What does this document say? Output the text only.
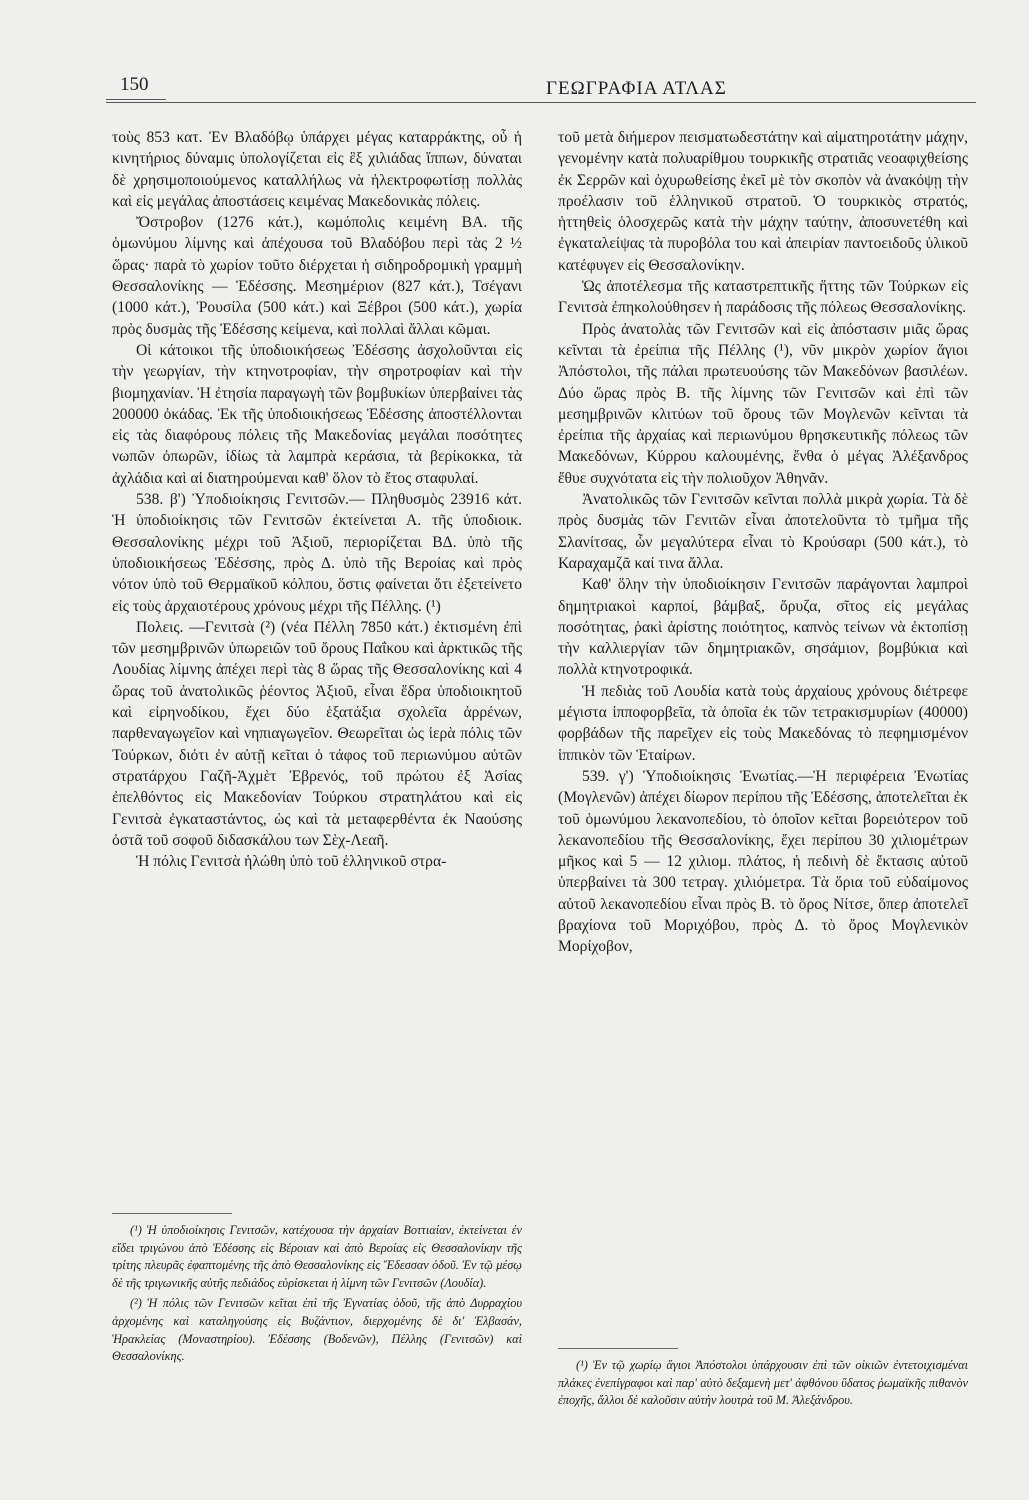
150	ΓΕΩΓΡΑΦΙΑ ΑΤΛΑΣ

τοὺς 853 κατ. Ἐν Βλαδόβῳ ὑπάρχει μέγας καταρράκτης, οὗ ἡ κινητήριος δύναμις ὑπολογίζεται εἰς ἓξ χιλιάδας ἵππων, δύναται δὲ χρησιμοποιούμενος καταλλήλως νὰ ἠλεκτροφωτίσῃ πολλὰς καὶ εἰς μεγάλας ἀποστάσεις κειμένας Μακεδονικὰς πόλεις.

Ὄστροβον (1276 κάτ.), κωμόπολις κειμένη ΒΑ. τῆς ὁμωνύμου λίμνης καὶ ἀπέχουσα τοῦ Βλαδόβου περὶ τὰς 2 ½ ὥρας· παρὰ τὸ χωρίον τοῦτο διέρχεται ἡ σιδηροδρομικὴ γραμμὴ Θεσσαλονίκης — Ἐδέσσης. Μεσημέριον (827 κάτ.), Τσέγανι (1000 κάτ.), Ῥουσίλα (500 κάτ.) καὶ Ξέβροι (500 κάτ.), χωρία πρὸς δυσμὰς τῆς Ἐδέσσης κείμενα, καὶ πολλαὶ ἄλλαι κῶμαι.

Οἱ κάτοικοι τῆς ὑποδιοικήσεως Ἐδέσσης ἀσχολοῦνται εἰς τὴν γεωργίαν, τὴν κτηνοτροφίαν, τὴν σηροτροφίαν καὶ τὴν βιομηχανίαν. Ἡ ἐτησία παραγωγὴ τῶν βομβυκίων ὑπερβαίνει τὰς 200000 ὀκάδας. Ἐκ τῆς ὑποδιοικήσεως Ἐδέσσης ἀποστέλλονται εἰς τὰς διαφόρους πόλεις τῆς Μακεδονίας μεγάλαι ποσότητες νωπῶν ὀπωρῶν, ἰδίως τὰ λαμπρὰ κεράσια, τὰ βερίκοκκα, τὰ ἀχλάδια καὶ αἱ διατηρούμεναι καθ' ὅλον τὸ ἔτος σταφυλαί.

538. β') Ὑποδιοίκησις Γενιτσῶν.— Πληθυσμὸς 23916 κάτ. Ἡ ὑποδιοίκησις τῶν Γενιτσῶν ἐκτείνεται Α. τῆς ὑποδιοικ. Θεσσαλονίκης μέχρι τοῦ Ἀξιοῦ, περιορίζεται ΒΔ. ὑπὸ τῆς ὑποδιοικήσεως Ἐδέσσης, πρὸς Δ. ὑπὸ τῆς Βεροίας καὶ πρὸς νότον ὑπὸ τοῦ Θερμαϊκοῦ κόλπου, ὅστις φαίνεται ὅτι ἐξετείνετο εἰς τοὺς ἀρχαιοτέρους χρόνους μέχρι τῆς Πέλλης. (¹)

Πολεις. —Γενιτσὰ (²) (νέα Πέλλη 7850 κάτ.) ἐκτισμένη ἐπὶ τῶν μεσημβρινῶν ὑπωρειῶν τοῦ ὄρους Παΐκου καὶ ἀρκτικῶς τῆς Λουδίας λίμνης ἀπέχει περὶ τὰς 8 ὥρας τῆς Θεσσαλονίκης καὶ 4 ὥρας τοῦ ἀνατολικῶς ῥέοντος Ἀξιοῦ, εἶναι ἕδρα ὑποδιοικητοῦ καὶ εἰρηνοδίκου, ἔχει δύο ἑξατάξια σχολεῖα ἀρρένων, παρθεναγωγεῖον καὶ νηπιαγωγεῖον. Θεωρεῖται ὡς ἱερὰ πόλις τῶν Τούρκων, διότι ἐν αὐτῇ κεῖται ὁ τάφος τοῦ περιωνύμου αὐτῶν στρατάρχου Γαζῆ-Ἀχμὲτ Ἐβρενός, τοῦ πρώτου ἐξ Ἀσίας ἐπελθόντος εἰς Μακεδονίαν Τούρκου στρατηλάτου καὶ εἰς Γενιτσὰ ἐγκαταστάντος, ὡς καὶ τὰ μεταφερθέντα ἐκ Ναούσης ὀστᾶ τοῦ σοφοῦ διδασκάλου των Σὲχ-Λεαῆ.

Ἡ πόλις Γενιτσὰ ἡλώθη ὑπὸ τοῦ ἑλληνικοῦ στρα-

τοῦ μετὰ διήμερον πεισματωδεστάτην καὶ αἱματηροτάτην μάχην, γενομένην κατὰ πολυαρίθμου τουρκικῆς στρατιᾶς νεοαφιχθείσης ἐκ Σερρῶν καὶ ὀχυρωθείσης ἐκεῖ μὲ τὸν σκοπὸν νὰ ἀνακόψῃ τὴν προέλασιν τοῦ ἑλληνικοῦ στρατοῦ. Ὁ τουρκικὸς στρατός, ἡττηθεὶς ὁλοσχερῶς κατὰ τὴν μάχην ταύτην, ἀποσυνετέθη καὶ ἐγκαταλείψας τὰ πυροβόλα του καὶ ἀπειρίαν παντοειδοῦς ὑλικοῦ κατέφυγεν εἰς Θεσσαλονίκην.

Ὡς ἀποτέλεσμα τῆς καταστρεπτικῆς ἥττης τῶν Τούρκων εἰς Γενιτσὰ ἐπηκολούθησεν ἡ παράδοσις τῆς πόλεως Θεσσαλονίκης.

Πρὸς ἀνατολὰς τῶν Γενιτσῶν καὶ εἰς ἀπόστασιν μιᾶς ὥρας κεῖνται τὰ ἐρείπια τῆς Πέλλης (¹), νῦν μικρὸν χωρίον ἅγιοι Ἀπόστολοι, τῆς πάλαι πρωτευούσης τῶν Μακεδόνων βασιλέων. Δύο ὥρας πρὸς Β. τῆς λίμνης τῶν Γενιτσῶν καὶ ἐπὶ τῶν μεσημβρινῶν κλιτύων τοῦ ὄρους τῶν Μογλενῶν κεῖνται τὰ ἐρείπια τῆς ἀρχαίας καὶ περιωνύμου θρησκευτικῆς πόλεως τῶν Μακεδόνων, Κύρρου καλουμένης, ἔνθα ὁ μέγας Ἀλέξανδρος ἔθυε συχνότατα εἰς τὴν πολιοῦχον Ἀθηνᾶν.

Ἀνατολικῶς τῶν Γενιτσῶν κεῖνται πολλὰ μικρὰ χωρία. Τὰ δὲ πρὸς δυσμὰς τῶν Γενιτῶν εἶναι ἀποτελοῦντα τὸ τμῆμα τῆς Σλανίτσας, ὧν μεγαλύτερα εἶναι τὸ Κρούσαρι (500 κάτ.), τὸ Καραχαμζᾶ καί τινα ἄλλα.

Καθ' ὅλην τὴν ὑποδιοίκησιν Γενιτσῶν παράγονται λαμπροὶ δημητριακοὶ καρποί, βάμβαξ, ὄρυζα, σῖτος εἰς μεγάλας ποσότητας, ῥακὶ ἀρίστης ποιότητος, καπνὸς τείνων νὰ ἐκτοπίσῃ τὴν καλλιεργίαν τῶν δημητριακῶν, σησάμιον, βομβύκια καὶ πολλὰ κτηνοτροφικά.

Ἡ πεδιὰς τοῦ Λουδία κατὰ τοὺς ἀρχαίους χρόνους διέτρεφε μέγιστα ἱπποφορβεῖα, τὰ ὁποῖα ἐκ τῶν τετρακισμυρίων (40000) φορβάδων τῆς παρεῖχεν εἰς τοὺς Μακεδόνας τὸ πεφημισμένον ἱππικὸν τῶν Ἑταίρων.

539. γ') Ὑποδιοίκησις Ἐνωτίας.—Ἡ περιφέρεια Ἐνωτίας (Μογλενῶν) ἀπέχει δίωρον περίπου τῆς Ἐδέσσης, ἀποτελεῖται ἐκ τοῦ ὁμωνύμου λεκανοπεδίου, τὸ ὁποῖον κεῖται βορειότερον τοῦ λεκανοπεδίου τῆς Θεσσαλονίκης, ἔχει περίπου 30 χιλιομέτρων μῆκος καὶ 5 — 12 χιλιομ. πλάτος, ἡ πεδινὴ δὲ ἔκτασις αὐτοῦ ὑπερβαίνει τὰ 300 τετραγ. χιλιόμετρα. Τὰ ὅρια τοῦ εὐδαίμονος αὐτοῦ λεκανοπεδίου εἶναι πρὸς Β. τὸ ὄρος Νίτσε, ὅπερ ἀποτελεῖ βραχίονα τοῦ Μοριχόβου, πρὸς Δ. τὸ ὄρος Μογλενικὸν Μορίχοβον,

(¹) Ἡ ὑποδιοίκησις Γενιτσῶν, κατέχουσα τὴν ἀρχαίαν Βοττιαίαν, ἐκτείνεται ἐν εἴδει τριγώνου ἀπὸ Ἐδέσσης εἰς Βέροιαν καὶ ἀπὸ Βεροίας εἰς Θεσσαλονίκην τῆς τρίτης πλευρᾶς ἐφαπτομένης τῆς ἀπὸ Θεσσαλονίκης εἰς Ἔδεσσαν ὁδοῦ. Ἐν τῷ μέσῳ δὲ τῆς τριγωνικῆς αὐτῆς πεδιάδος εὑρίσκεται ἡ λίμνη τῶν Γενιτσῶν (Λουδία).

(²) Ἡ πόλις τῶν Γενιτσῶν κεῖται ἐπὶ τῆς Ἐγνατίας ὁδοῦ, τῆς ἀπὸ Δυρραχίου ἀρχομένης καὶ καταληγούσης εἰς Βυζάντιον, διερχομένης δὲ δι' Ἐλβασάν, Ἡρακλείας (Μοναστηρίου). Ἐδέσσης (Βοδενῶν), Πέλλης (Γενιτσῶν) καὶ Θεσσαλονίκης.

(¹) Ἐν τῷ χωρίῳ ἅγιοι Ἀπόστολοι ὑπάρχουσιν ἐπὶ τῶν οἰκιῶν ἐντετοιχισμέναι πλάκες ἐνεπίγραφοι καὶ παρ' αὐτὸ δεξαμενὴ μετ' ἀφθόνου ὕδατος ῥωμαϊκῆς πιθανὸν ἐποχῆς, ἄλλοι δὲ καλοῦσιν αὐτὴν λουτρὰ τοῦ Μ. Ἀλεξάνδρου.
